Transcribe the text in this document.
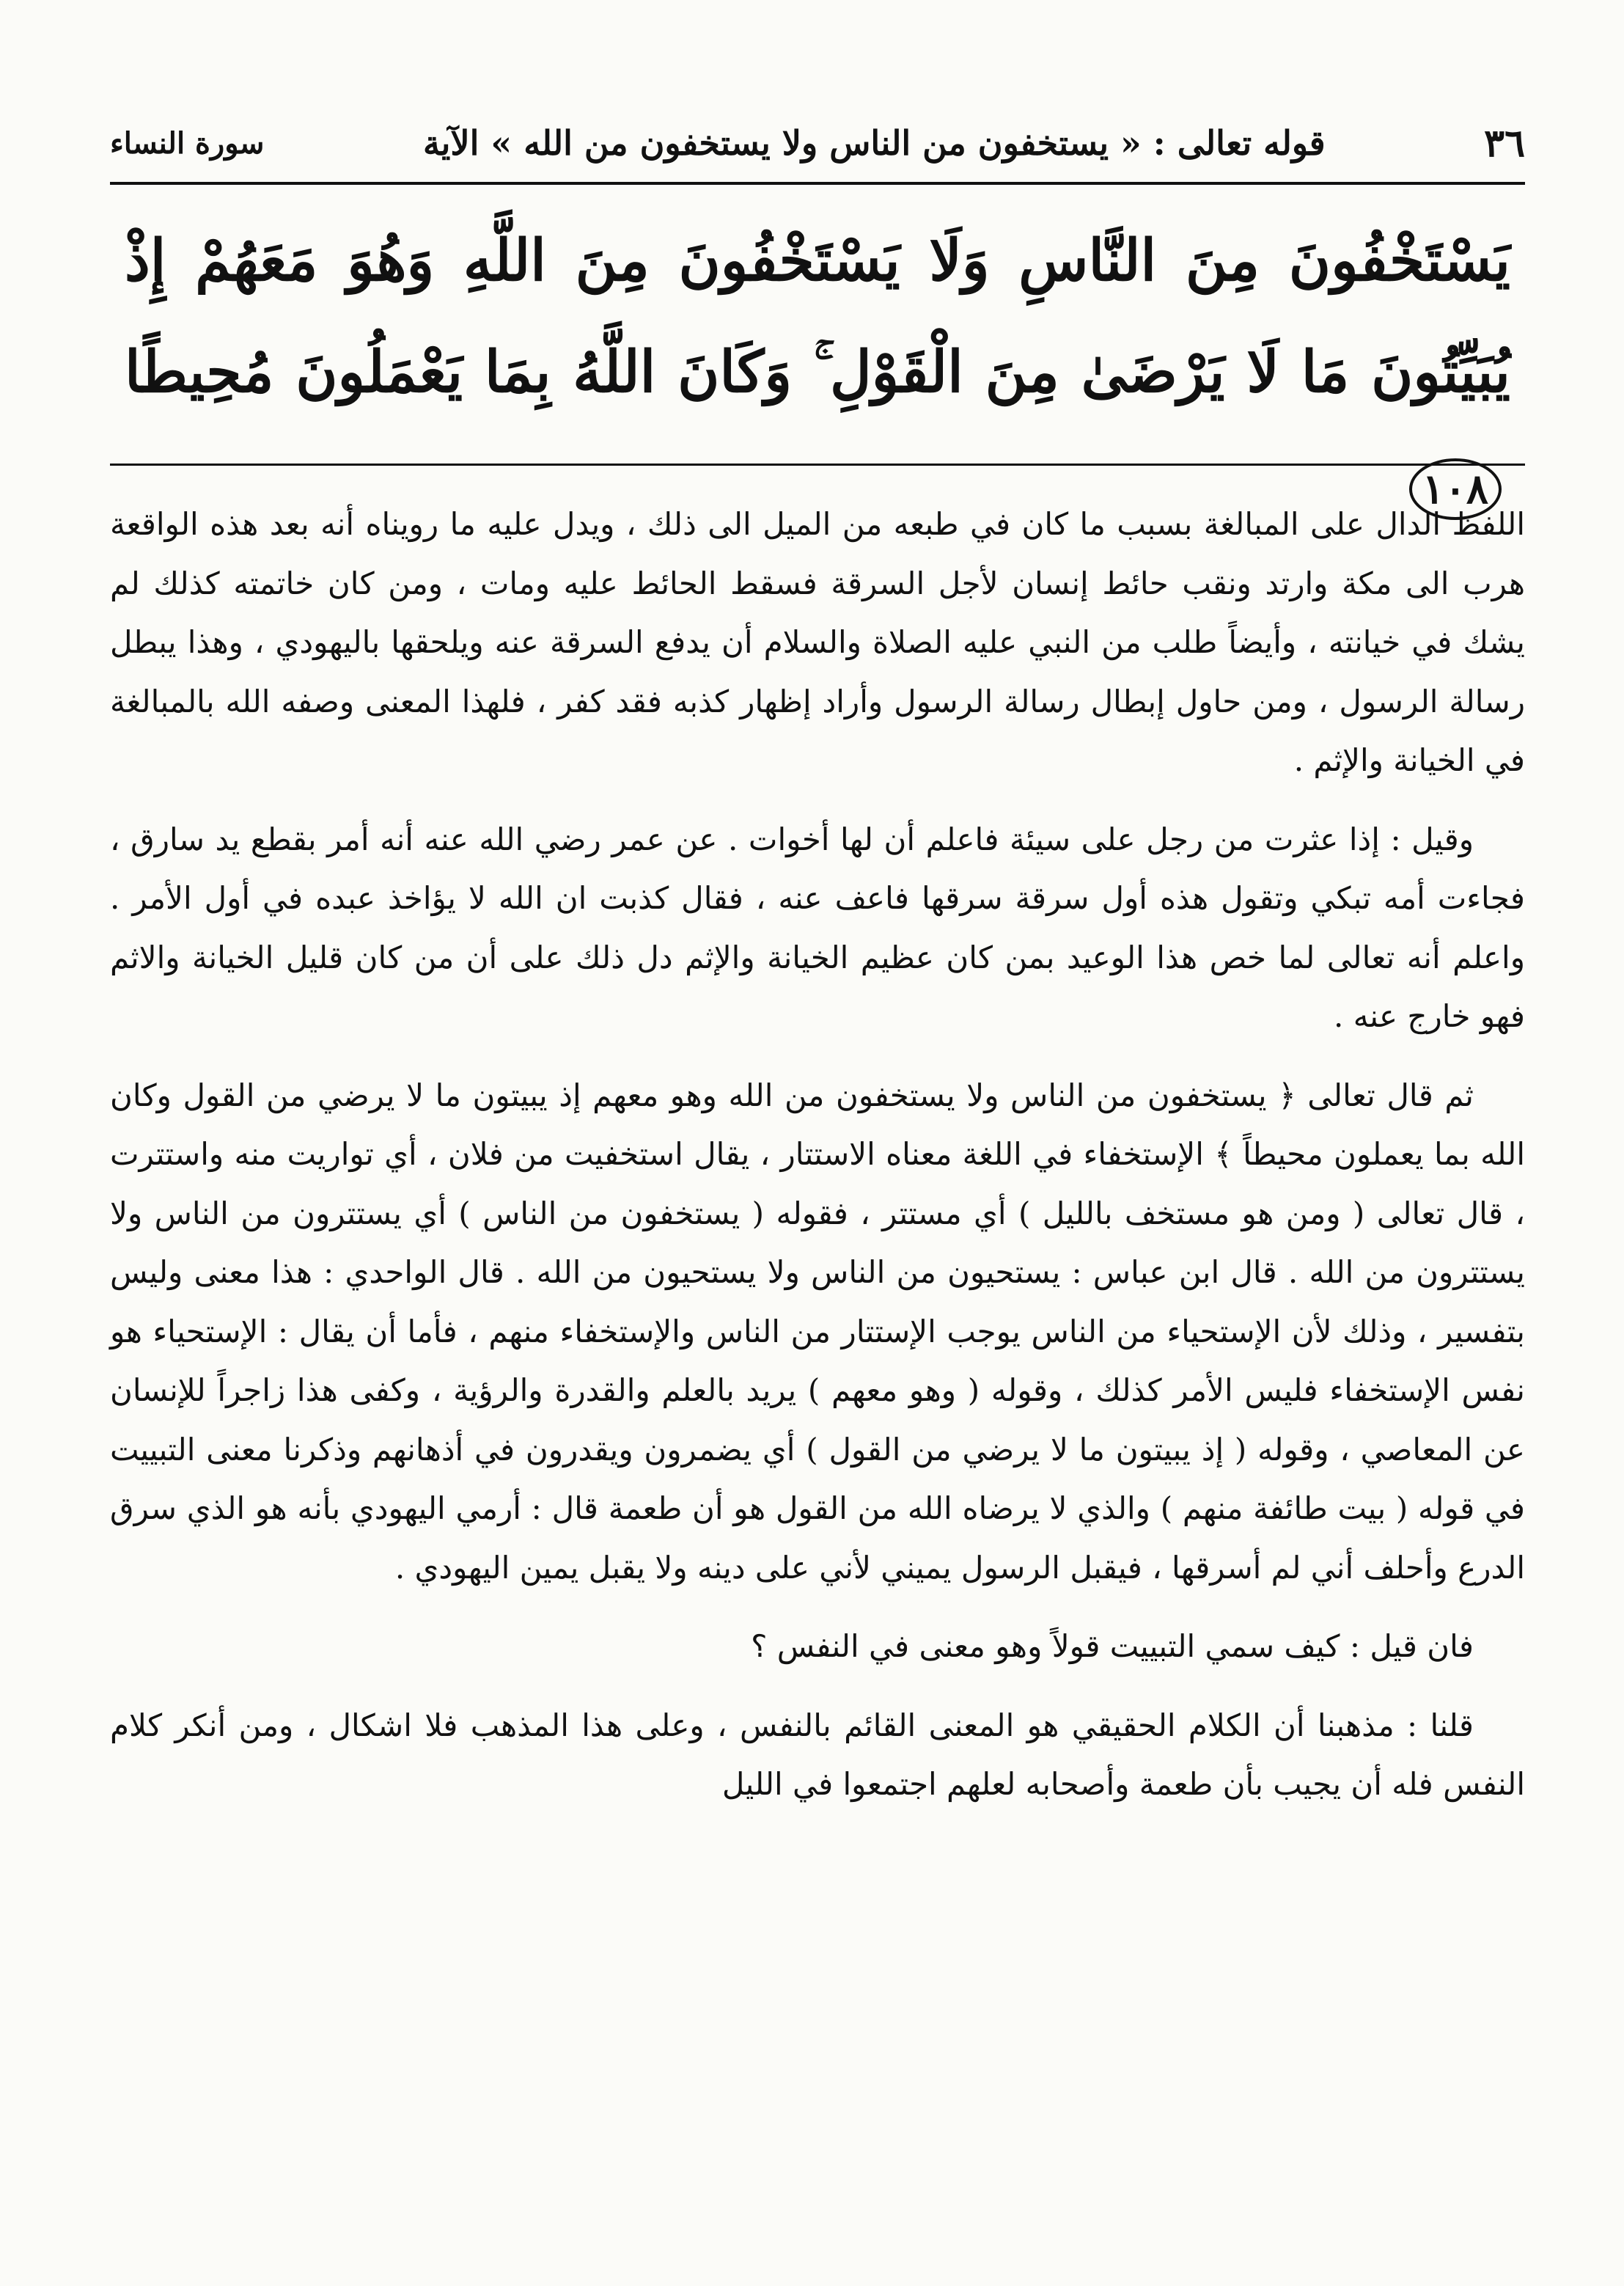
٣٦
قوله تعالى : « يستخفون من الناس ولا يستخفون من الله » الآية
سورة النساء
يَسْتَخْفُونَ مِنَ النَّاسِ وَلَا يَسْتَخْفُونَ مِنَ اللَّهِ وَهُوَ مَعَهُمْ إِذْ يُبَيِّتُونَ مَا لَا يَرْضَىٰ مِنَ الْقَوْلِ ۚ وَكَانَ اللَّهُ بِمَا يَعْمَلُونَ مُحِيطًا ١٠٨

اللفظ الدال على المبالغة بسبب ما كان في طبعه من الميل الى ذلك ، ويدل عليه ما رويناه أنه بعد هذه الواقعة هرب الى مكة وارتد ونقب حائط إنسان لأجل السرقة فسقط الحائط عليه ومات ، ومن كان خاتمته كذلك لم يشك في خيانته ، وأيضاً طلب من النبي عليه الصلاة والسلام أن يدفع السرقة عنه ويلحقها باليهودي ، وهذا يبطل رسالة الرسول ، ومن حاول إبطال رسالة الرسول وأراد إظهار كذبه فقد كفر ، فلهذا المعنى وصفه الله بالمبالغة في الخيانة والإثم .

وقيل : إذا عثرت من رجل على سيئة فاعلم أن لها أخوات . عن عمر رضي الله عنه أنه أمر بقطع يد سارق ، فجاءت أمه تبكي وتقول هذه أول سرقة سرقها فاعف عنه ، فقال كذبت ان الله لا يؤاخذ عبده في أول الأمر . واعلم أنه تعالى لما خص هذا الوعيد بمن كان عظيم الخيانة والإثم دل ذلك على أن من كان قليل الخيانة والاثم فهو خارج عنه .

ثم قال تعالى ﴿ يستخفون من الناس ولا يستخفون من الله وهو معهم إذ يبيتون ما لا يرضي من القول وكان الله بما يعملون محيطاً ﴾ الإستخفاء في اللغة معناه الاستتار ، يقال استخفيت من فلان ، أي تواريت منه واستترت ، قال تعالى ( ومن هو مستخف بالليل ) أي مستتر ، فقوله ( يستخفون من الناس ) أي يستترون من الناس ولا يستترون من الله . قال ابن عباس : يستحيون من الناس ولا يستحيون من الله . قال الواحدي : هذا معنى وليس بتفسير ، وذلك لأن الإستحياء من الناس يوجب الإستتار من الناس والإستخفاء منهم ، فأما أن يقال : الإستحياء هو نفس الإستخفاء فليس الأمر كذلك ، وقوله ( وهو معهم ) يريد بالعلم والقدرة والرؤية ، وكفى هذا زاجراً للإنسان عن المعاصي ، وقوله ( إذ يبيتون ما لا يرضي من القول ) أي يضمرون ويقدرون في أذهانهم وذكرنا معنى التبييت في قوله ( بيت طائفة منهم ) والذي لا يرضاه الله من القول هو أن طعمة قال : أرمي اليهودي بأنه هو الذي سرق الدرع وأحلف أني لم أسرقها ، فيقبل الرسول يميني لأني على دينه ولا يقبل يمين اليهودي .

فان قيل : كيف سمي التبييت قولاً وهو معنى في النفس ؟

قلنا : مذهبنا أن الكلام الحقيقي هو المعنى القائم بالنفس ، وعلى هذا المذهب فلا اشكال ، ومن أنكر كلام النفس فله أن يجيب بأن طعمة وأصحابه لعلهم اجتمعوا في الليل
